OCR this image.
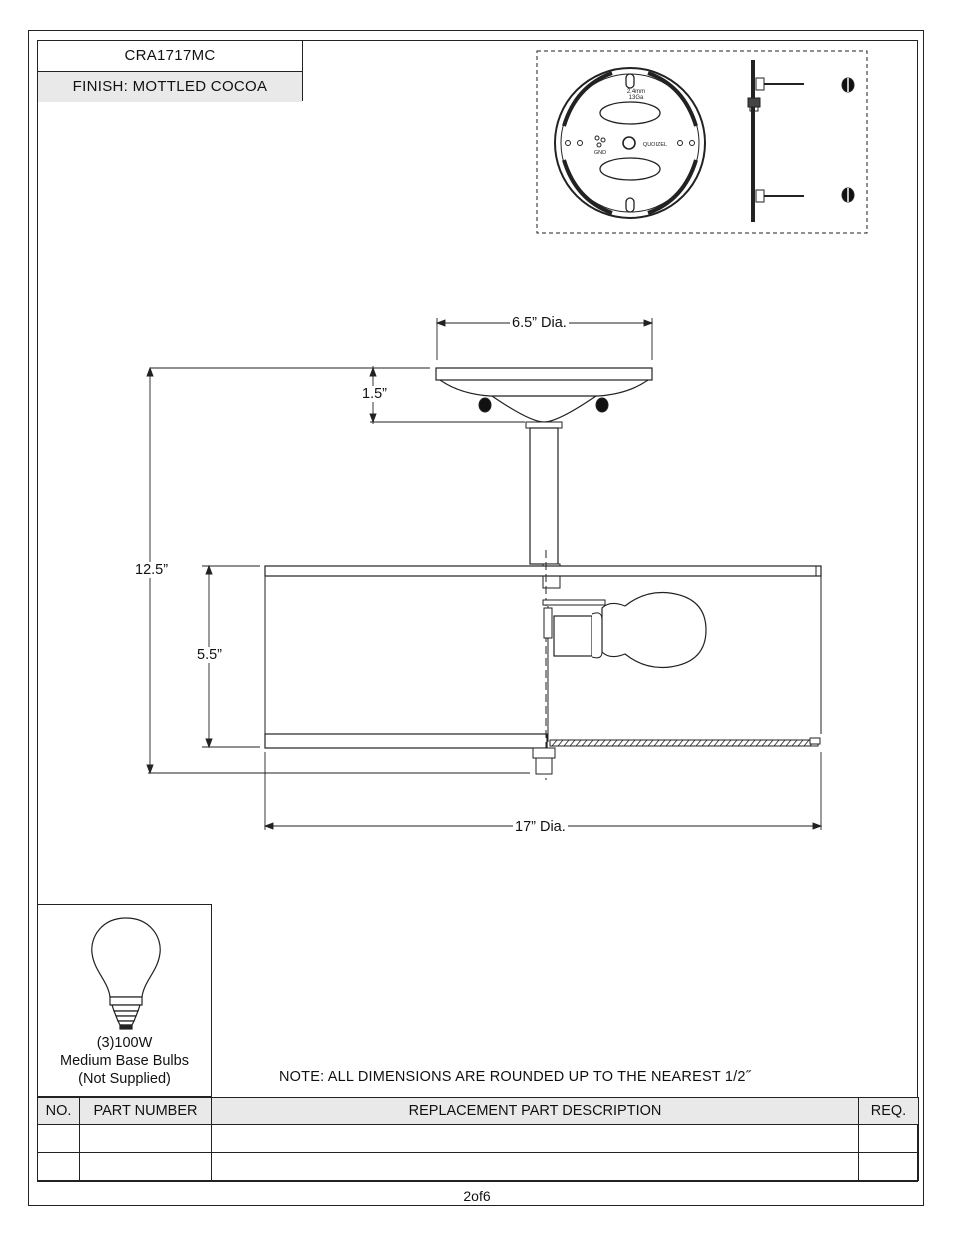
CRA1717MC
FINISH: MOTTLED COCOA	2.4mm
13Ga
GND
QUOIZEL
6.5” Dia.
1.5”
12.5”
5.5”
17” Dia.
(3)100W
Medium Base Bulbs
(Not Supplied)	NOTE: ALL DIMENSIONS ARE ROUNDED UP TO THE NEAREST 1/2˝
NO.	PART NUMBER	REPLACEMENT PART DESCRIPTION	REQ.

2of6
